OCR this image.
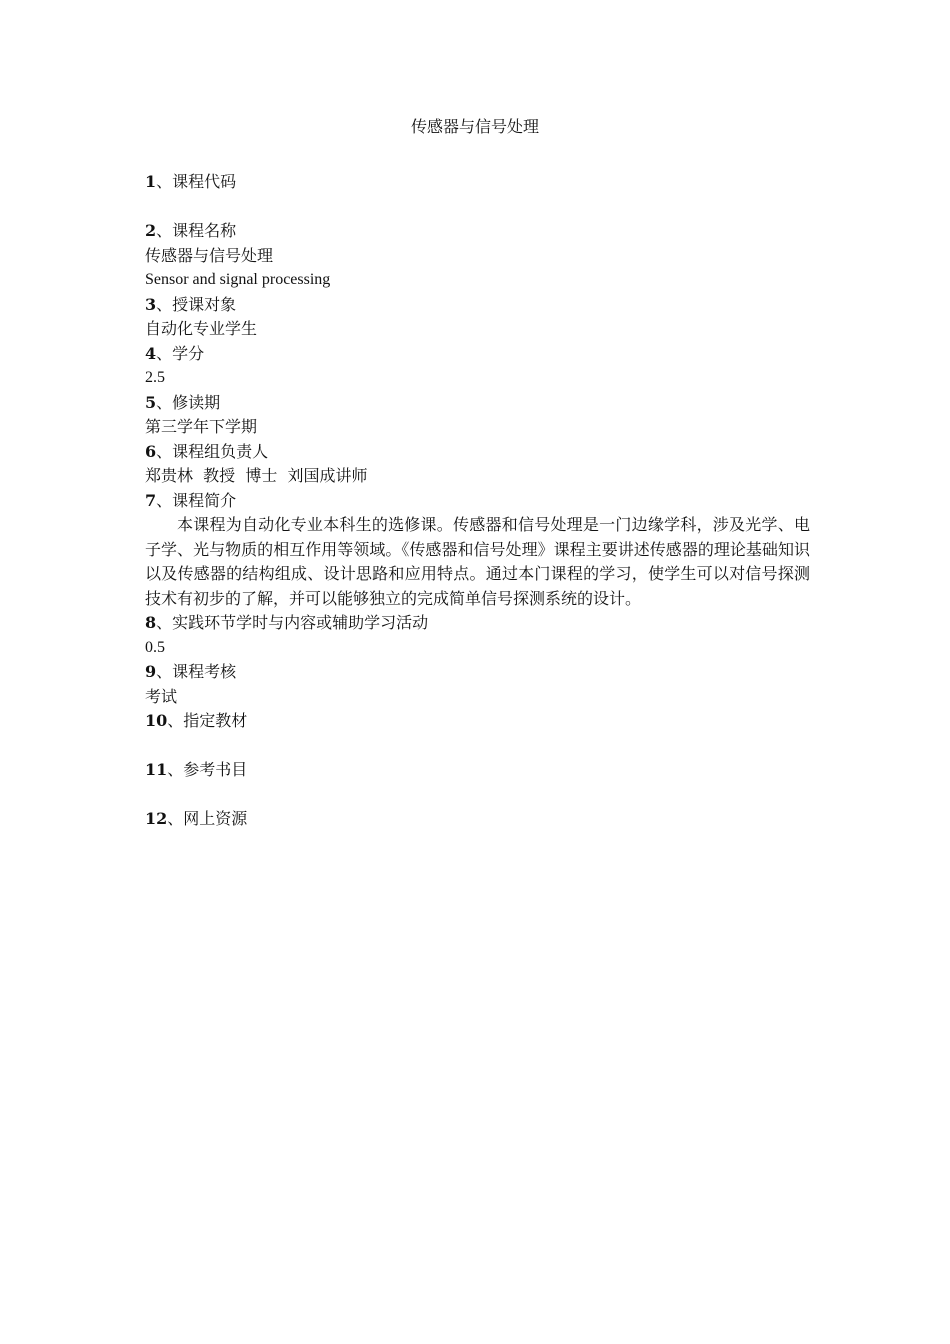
传感器与信号处理
1、课程代码
2、课程名称
传感器与信号处理
Sensor and signal processing
3、授课对象
自动化专业学生
4、学分
2.5
5、修读期
第三学年下学期
6、课程组负责人
郑贵林  教授  博士  刘国成讲师
7、课程简介
本课程为自动化专业本科生的选修课。传感器和信号处理是一门边缘学科，涉及光学、电子学、光与物质的相互作用等领域。《传感器和信号处理》课程主要讲述传感器的理论基础知识以及传感器的结构组成、设计思路和应用特点。通过本门课程的学习，使学生可以对信号探测技术有初步的了解，并可以能够独立的完成简单信号探测系统的设计。
8、实践环节学时与内容或辅助学习活动
0.5
9、课程考核
考试
10、指定教材
11、参考书目
12、网上资源
